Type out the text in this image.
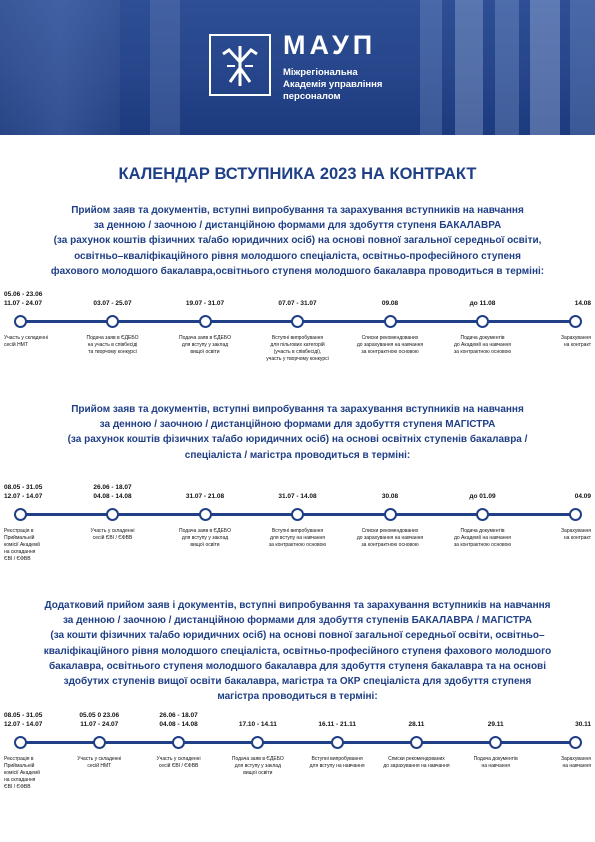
МАУП
Міжрегіональна
Академія управління
персоналом
КАЛЕНДАР ВСТУПНИКА 2023 НА КОНТРАКТ
Прийом заяв та документів, вступні випробування та зарахування вступників на навчання
за денною / заочною / дистанційною формами для здобуття ступеня БАКАЛАВРА
(за рахунок коштів фізичних та/або юридичних осіб) на основі повної загальної середньої освіти,
освітньо–кваліфікаційного рівня молодшого спеціаліста, освітньо-професійного ступеня
фахового молодшого бакалавра,освітнього ступеня молодшого бакалавра проводиться в терміні:
05.06 - 23.06
11.07 - 24.07
Участь у складенні
сесій НМТ
03.07 - 25.07
Подача заяв в ЄДЕБО
на участь в співбесіді
та творчому конкурсі
19.07 - 31.07
Подача заяв в ЄДЕБО
для вступу у заклад
вищої освіти
07.07 - 31.07
Вступні випробування
для пільгових категорій
(участь в співбесіді),
участь у творчому конкурсі
09.08
Списки рекомендованих
до зарахування на навчання
за контрактною основою
до 11.08
Подача документів
до Академії на навчання
за контрактною основою
14.08
Зарахування
на контракт
Прийом заяв та документів, вступні випробування та зарахування вступників на навчання
за денною / заочною / дистанційною формами для здобуття ступеня МАГІСТРА
(за рахунок коштів фізичних та/або юридичних осіб) на основі освітніх ступенів бакалавра /
спеціаліста / магістра проводиться в терміні:
08.05 - 31.05
12.07 - 14.07
Реєстрація в
Приймальній
комісії Академії
на складання
ЄВІ / ЄФВВ
26.06 - 18.07
04.08 - 14.08
Участь у складенні
сесій ЄВІ / ЄФВВ
31.07 - 21.08
Подача заяв в ЄДЕБО
для вступу у заклад
вищої освіти
31.07 - 14.08
Вступні випробування
для вступу на навчання
за контрактною основою
30.08
Списки рекомендованих
до зарахування на навчання
за контрактною основою
до 01.09
Подача документів
до Академії на навчання
за контрактною основою
04.09
Зарахування
на контракт
Додатковий прийом заяв і документів, вступні випробування та зарахування вступників на навчання
за денною / заочною / дистанційною формами для здобуття ступенів БАКАЛАВРА / МАГІСТРА
(за кошти фізичних та/або юридичних осіб) на основі повної загальної середньої освіти, освітньо–
кваліфікаційного рівня молодшого спеціаліста, освітньо-професійного ступеня фахового молодшого
бакалавра, освітнього ступеня молодшого бакалавра для здобуття ступеня бакалавра та на основі
здобутих ступенів вищої освіти бакалавра, магістра та ОКР спеціаліста для здобуття ступеня
магістра проводиться в терміні:
08.05 - 31.05
12.07 - 14.07
Реєстрація в
Приймальній
комісії Академії
на складання
ЄВІ / ЄФВВ
05.05 0 23.06
11.07 - 24.07
Участь у складенні
сесій НМТ
26.06 - 18.07
04.08 - 14.08
Участь у складенні
сесій ЄВІ / ЄФВВ
17.10 - 14.11
Подача заяв в ЄДЕБО
для вступу у заклад
вищої освіти
16.11 - 21.11
Вступні випробування
для вступу на навчання
28.11
Списки рекомендованих
до зарахування на навчання
29.11
Подача документів
на навчання
30.11
Зарахування
на навчання
